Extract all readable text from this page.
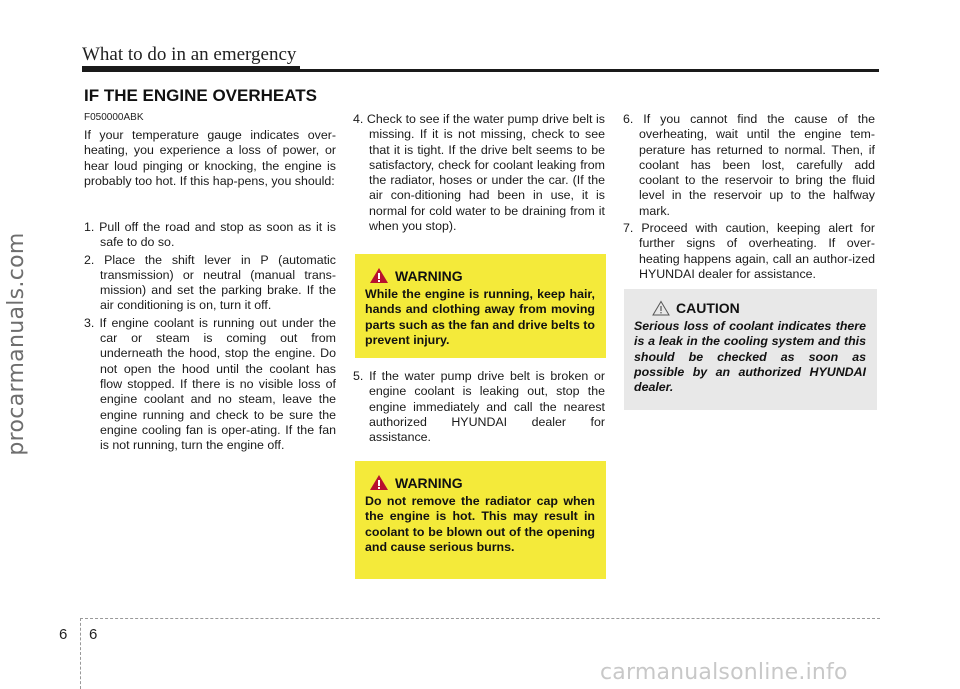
procarmanuals.com
What to do in an emergency
IF THE ENGINE OVERHEATS
F050000ABK

If your temperature gauge indicates over-heating, you experience a loss of power, or hear loud pinging or knocking, the engine is probably too hot. If this hap-pens, you should:

1. Pull off the road and stop as soon as it is safe to do so.
2. Place the shift lever in P (automatic transmission) or neutral (manual trans-mission) and set the parking brake. If the air conditioning is on, turn it off.
3. If engine coolant is running out under the car or steam is coming out from underneath the hood, stop the engine. Do not open the hood until the coolant has flow stopped. If there is no visible loss of engine coolant and no steam, leave the engine running and check to be sure the engine cooling fan is oper-ating. If the fan is not running, turn the engine off.
4. Check to see if the water pump drive belt is missing. If it is not missing, check to see that it is tight. If the drive belt seems to be satisfactory, check for coolant leaking from the radiator, hoses or under the car. (If the air con-ditioning had been in use, it is normal for cold water to be draining from it when you stop).
WARNING
While the engine is running, keep hair, hands and clothing away from moving parts such as the fan and drive belts to prevent injury.
5. If the water pump drive belt is broken or engine coolant is leaking out, stop the engine immediately and call the nearest authorized HYUNDAI dealer for assistance.
WARNING
Do not remove the radiator cap when the engine is hot. This may result in coolant to be blown out of the opening and cause serious burns.
6. If you cannot find the cause of the overheating, wait until the engine tem-perature has returned to normal. Then, if coolant has been lost, carefully add coolant to the reservoir to bring the fluid level in the reservoir up to the halfway mark.
7. Proceed with caution, keeping alert for further signs of overheating. If over-heating happens again, call an author-ized HYUNDAI dealer for assistance.
CAUTION
Serious loss of coolant indicates there is a leak in the cooling system and this should be checked as soon as possible by an authorized HYUNDAI dealer.
6 6
carmanualsonline.info
